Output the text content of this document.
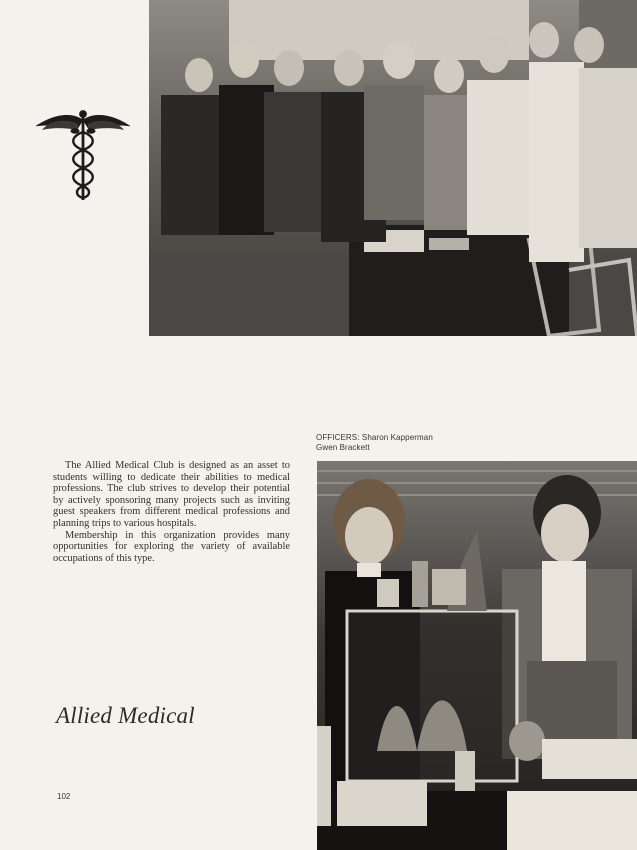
OFFICERS: Sharon Kapperman
Gwen Brackett

The Allied Medical Club is designed as an asset to students willing to dedicate their abilities to medical professions. The club strives to develop their potential by actively sponsoring many projects such as inviting guest speakers from different medical professions and planning trips to various hospitals.

Membership in this organization provides many opportunities for exploring the variety of available occupations of this type.

Allied Medical
102
